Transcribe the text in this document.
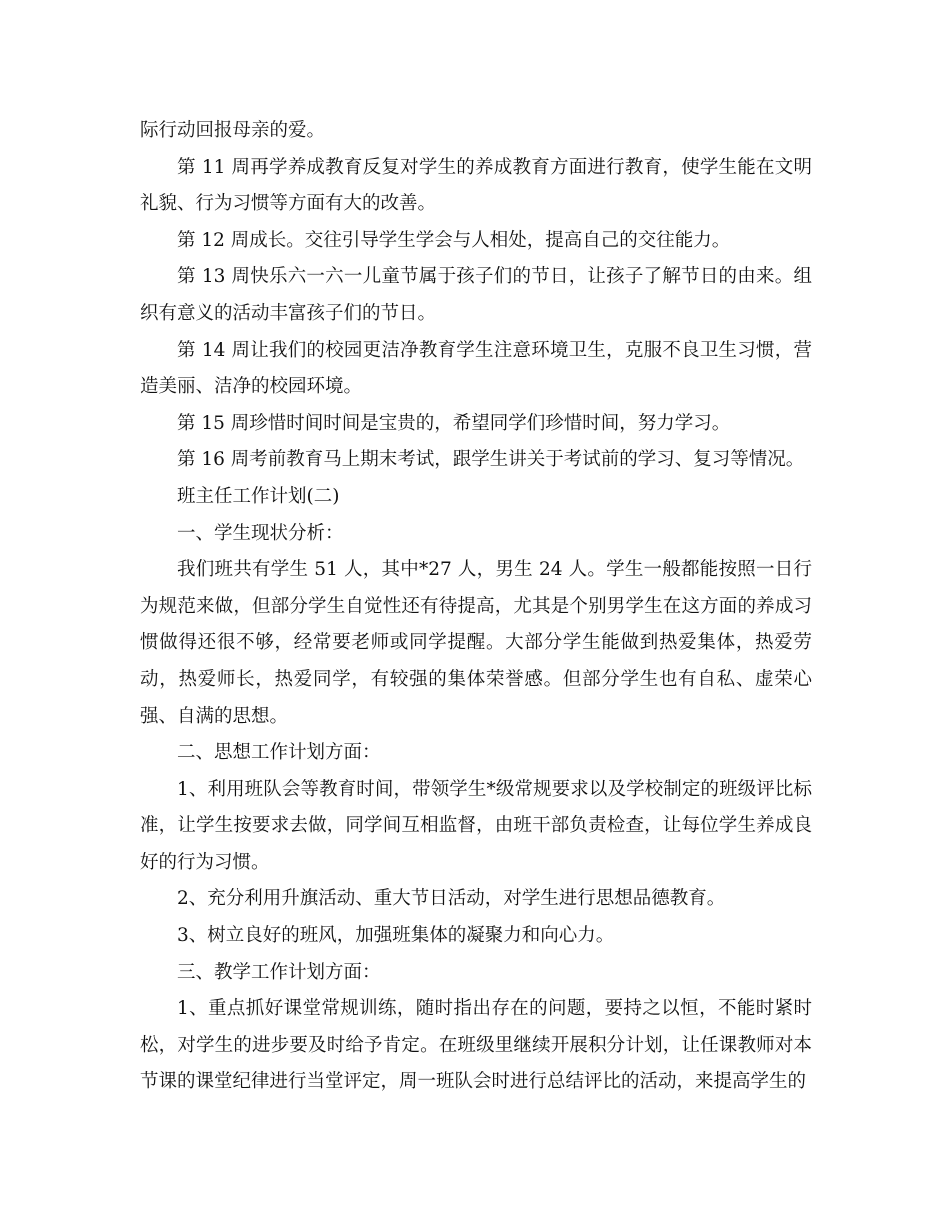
际行动回报母亲的爱。

第 11 周再学养成教育反复对学生的养成教育方面进行教育，使学生能在文明礼貌、行为习惯等方面有大的改善。

第 12 周成长。交往引导学生学会与人相处，提高自己的交往能力。

第 13 周快乐六一六一儿童节属于孩子们的节日，让孩子了解节日的由来。组织有意义的活动丰富孩子们的节日。

第 14 周让我们的校园更洁净教育学生注意环境卫生，克服不良卫生习惯，营造美丽、洁净的校园环境。

第 15 周珍惜时间时间是宝贵的，希望同学们珍惜时间，努力学习。

第 16 周考前教育马上期末考试，跟学生讲关于考试前的学习、复习等情况。

班主任工作计划(二)

一、学生现状分析：

我们班共有学生 51 人，其中*27 人，男生 24 人。学生一般都能按照一日行为规范来做，但部分学生自觉性还有待提高，尤其是个别男学生在这方面的养成习惯做得还很不够，经常要老师或同学提醒。大部分学生能做到热爱集体，热爱劳动，热爱师长，热爱同学，有较强的集体荣誉感。但部分学生也有自私、虚荣心强、自满的思想。

二、思想工作计划方面：

1、利用班队会等教育时间，带领学生*级常规要求以及学校制定的班级评比标准，让学生按要求去做，同学间互相监督，由班干部负责检查，让每位学生养成良好的行为习惯。

2、充分利用升旗活动、重大节日活动，对学生进行思想品德教育。

3、树立良好的班风，加强班集体的凝聚力和向心力。

三、教学工作计划方面：

1、重点抓好课堂常规训练，随时指出存在的问题，要持之以恒，不能时紧时松，对学生的进步要及时给予肯定。在班级里继续开展积分计划，让任课教师对本节课的课堂纪律进行当堂评定，周一班队会时进行总结评比的活动，来提高学生的
